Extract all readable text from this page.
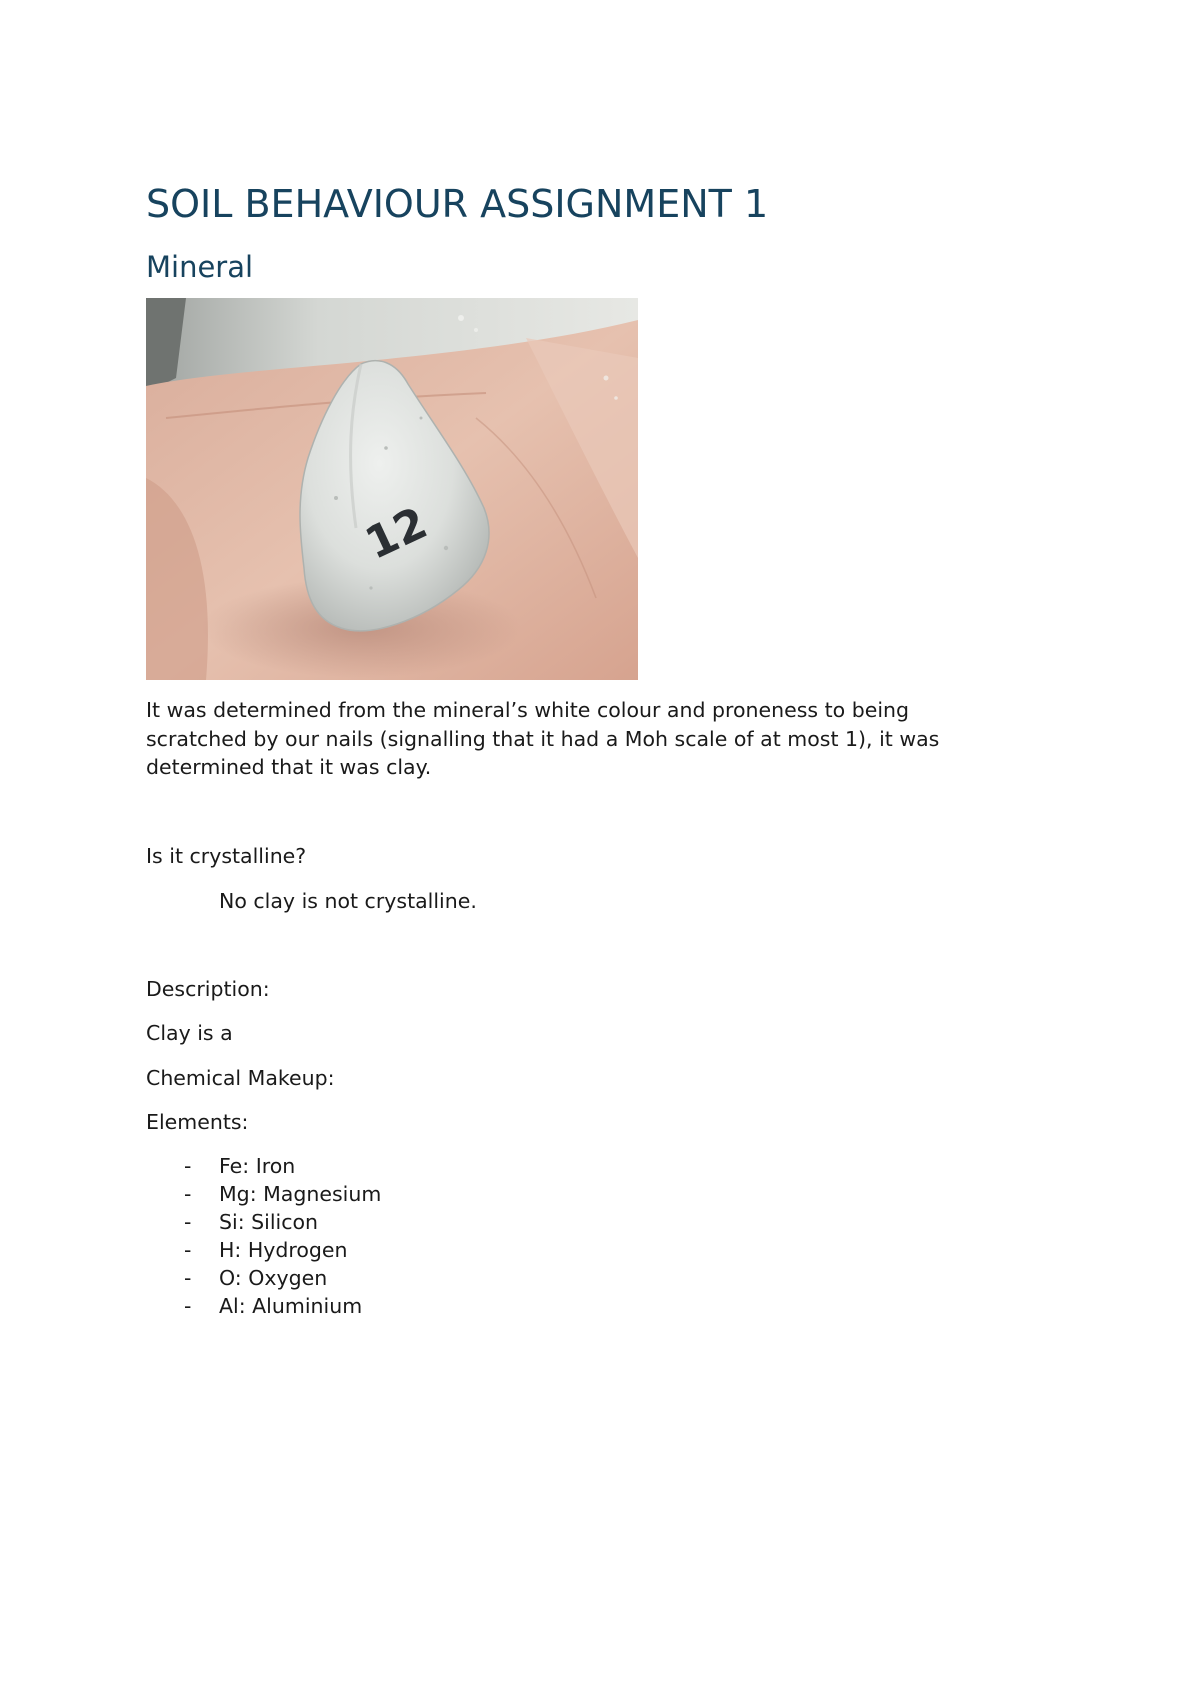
SOIL BEHAVIOUR ASSIGNMENT 1
Mineral
12

It was determined from the mineral’s white colour and proneness to being
scratched by our nails (signalling that it had a Moh scale of at most 1), it was
determined that it was clay.

Is it crystalline?

No clay is not crystalline.

Description:

Clay is a

Chemical Makeup:

Elements:

- Fe: Iron
- Mg: Magnesium
- Si: Silicon
- H: Hydrogen
- O: Oxygen
- Al: Aluminium
